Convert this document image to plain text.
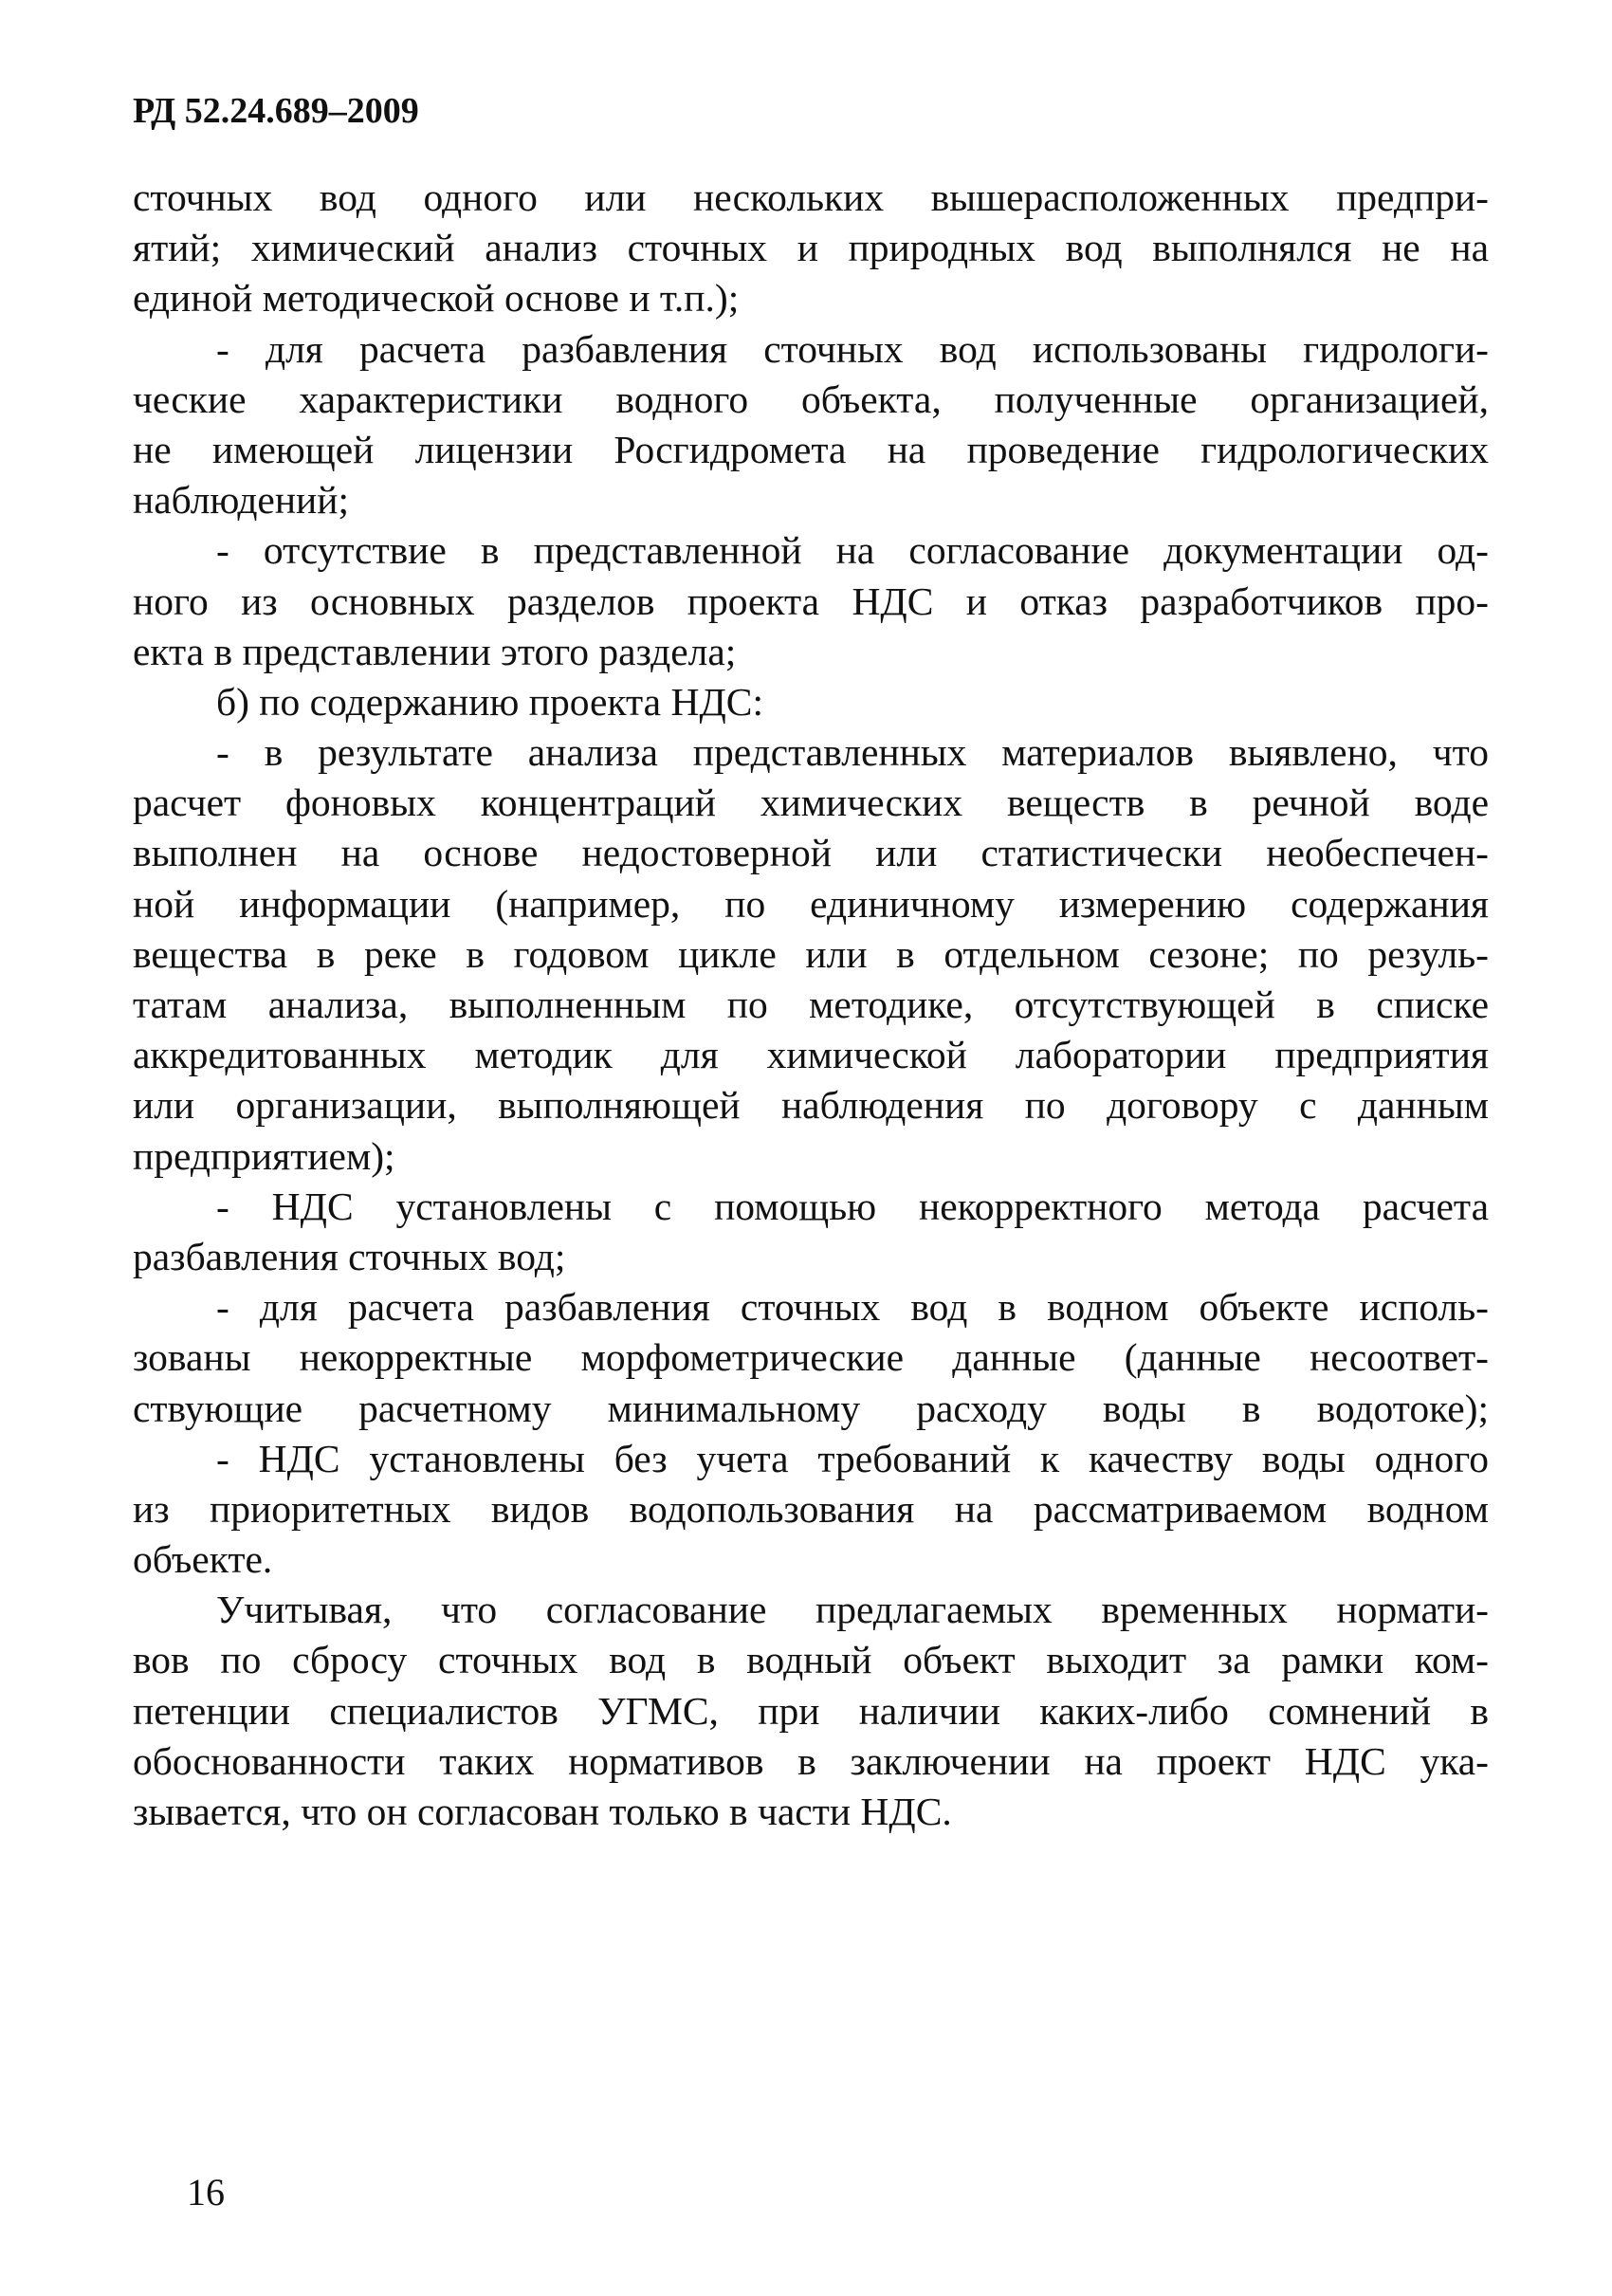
РД 52.24.689–2009
сточных вод одного или нескольких вышерасположенных предпри-
ятий; химический анализ сточных и природных вод выполнялся не на
единой методической основе и т.п.);
- для расчета разбавления сточных вод использованы гидрологи-
ческие характеристики водного объекта, полученные организацией,
не имеющей лицензии Росгидромета на проведение гидрологических
наблюдений;
- отсутствие в представленной на согласование документации од-
ного из основных разделов проекта НДС и отказ разработчиков про-
екта в представлении этого раздела;
б) по содержанию проекта НДС:
- в результате анализа представленных материалов выявлено, что
расчет фоновых концентраций химических веществ в речной воде
выполнен на основе недостоверной или статистически необеспечен-
ной информации (например, по единичному измерению содержания
вещества в реке в годовом цикле или в отдельном сезоне; по резуль-
татам анализа, выполненным по методике, отсутствующей в списке
аккредитованных методик для химической лаборатории предприятия
или организации, выполняющей наблюдения по договору с данным
предприятием);
- НДС установлены с помощью некорректного метода расчета
разбавления сточных вод;
- для расчета разбавления сточных вод в водном объекте исполь-
зованы некорректные морфометрические данные (данные несоответ-
ствующие расчетному минимальному расходу воды в водотоке);
- НДС установлены без учета требований к качеству воды одного
из приоритетных видов водопользования на рассматриваемом водном
объекте.
Учитывая, что согласование предлагаемых временных нормати-
вов по сбросу сточных вод в водный объект выходит за рамки ком-
петенции специалистов УГМС, при наличии каких-либо сомнений в
обоснованности таких нормативов в заключении на проект НДС ука-
зывается, что он согласован только в части НДС.
16
